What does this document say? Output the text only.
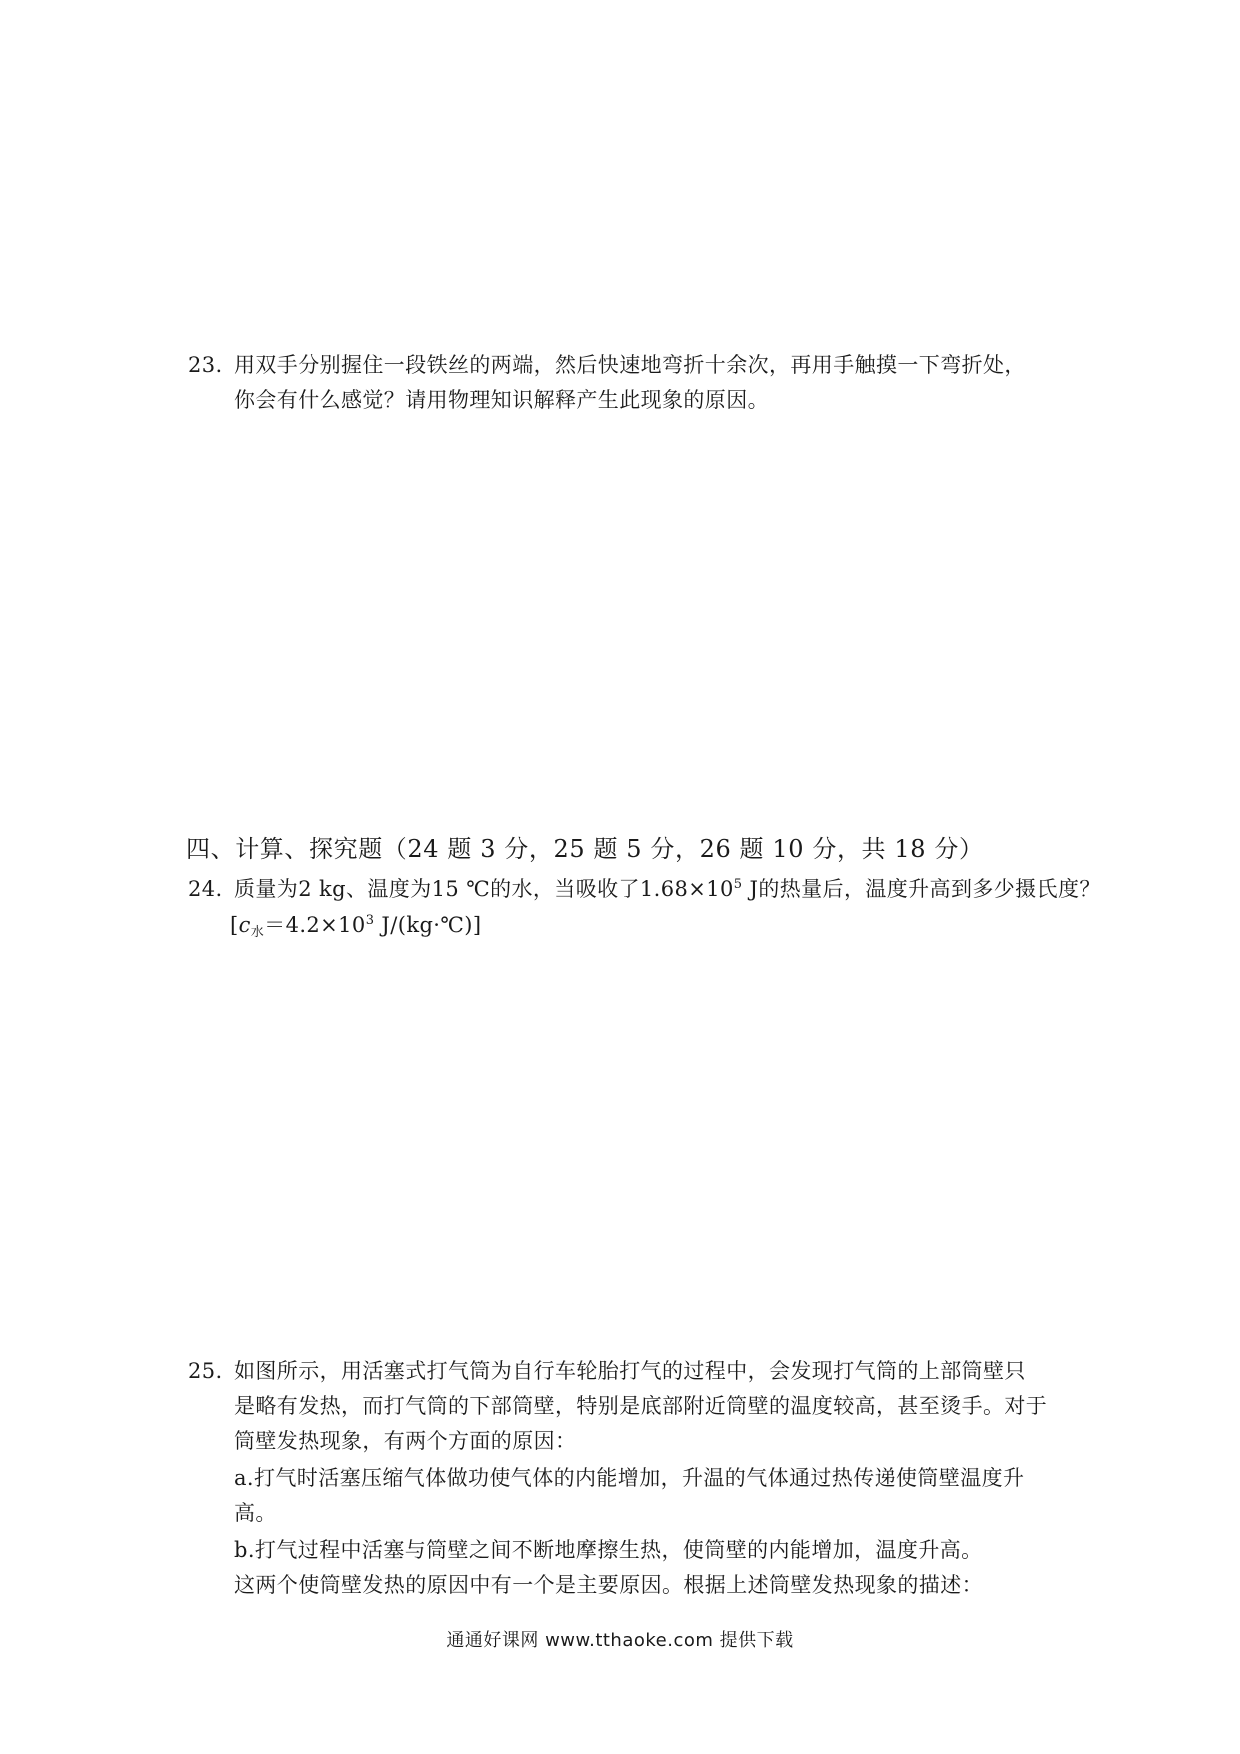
23. 用双手分别握住一段铁丝的两端，然后快速地弯折十余次，再用手触摸一下弯折处，
你会有什么感觉？请用物理知识解释产生此现象的原因。
四、计算、探究题（24 题 3 分，25 题 5 分，26 题 10 分，共 18 分）
24. 质量为2 kg、温度为15 ℃的水，当吸收了$1.68\times 10^5$ J的热量后，温度升高到多少摄氏度？
[$c_水=4.2\times 10^3$ J/(kg·℃)]
25. 如图所示，用活塞式打气筒为自行车轮胎打气的过程中，会发现打气筒的上部筒壁只
是略有发热，而打气筒的下部筒壁，特别是底部附近筒壁的温度较高，甚至烫手。对于
筒壁发热现象，有两个方面的原因：
a.打气时活塞压缩气体做功使气体的内能增加，升温的气体通过热传递使筒壁温度升
高。
b.打气过程中活塞与筒壁之间不断地摩擦生热，使筒壁的内能增加，温度升高。
这两个使筒壁发热的原因中有一个是主要原因。根据上述筒壁发热现象的描述：
通通好课网 www.tthaoke.com 提供下载
